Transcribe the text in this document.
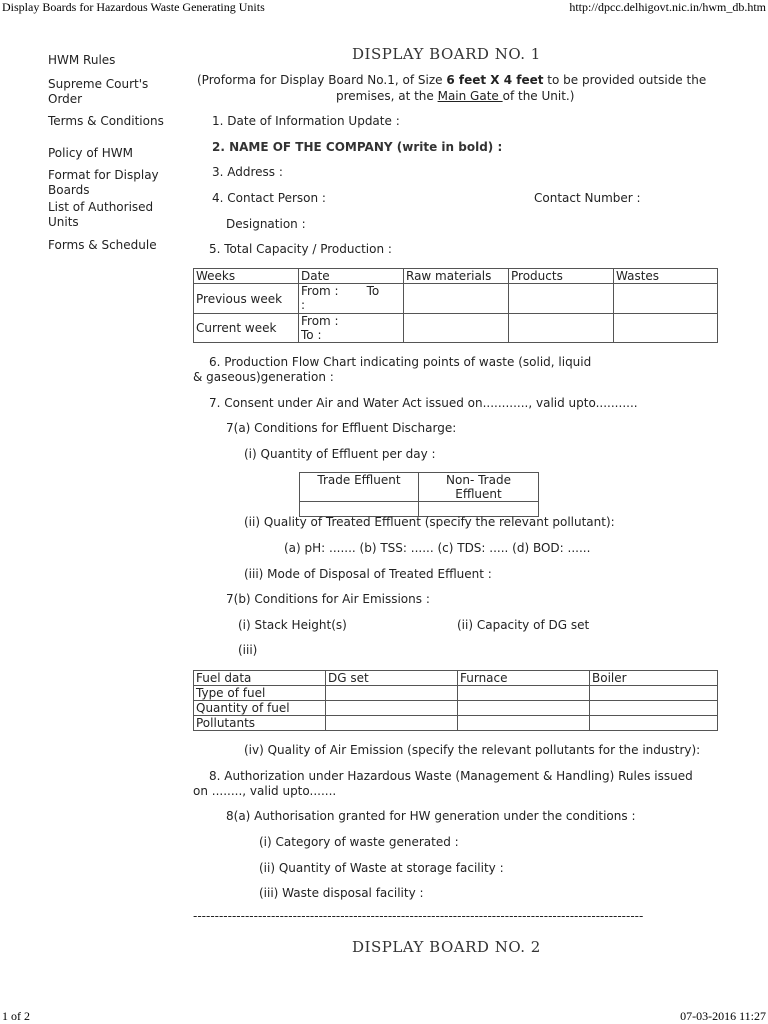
Display Boards for Hazardous Waste Generating Units	http://dpcc.delhigovt.nic.in/hwm_db.htm
HWM Rules
Supreme Court's Order
Terms & Conditions
Policy of HWM
Format for Display Boards
List of Authorised Units
Forms & Schedule
DISPLAY BOARD NO. 1
(Proforma for Display Board No.1, of Size 6 feet X 4 feet to be provided outside the
premises, at the Main Gate of the Unit.)
1. Date of Information Update :
2. NAME OF THE COMPANY (write in bold) :
3. Address :
4. Contact Person :	Contact Number :
Designation :
5. Total Capacity / Production :
Weeks	Date	Raw materials	Products	Wastes
Previous week	From : To
:			
Current week	From :
To :			
6. Production Flow Chart indicating points of waste (solid, liquid
& gaseous)generation :
7. Consent under Air and Water Act issued on............, valid upto...........
7(a) Conditions for Effluent Discharge:
(i) Quantity of Effluent per day :
Trade Effluent	Non- Trade Effluent

(ii) Quality of Treated Effluent (specify the relevant pollutant):
(a) pH: ....... (b) TSS: ...... (c) TDS: ..... (d) BOD: ......
(iii) Mode of Disposal of Treated Effluent :
7(b) Conditions for Air Emissions :
(i) Stack Height(s)	(ii) Capacity of DG set
(iii)
Fuel data	DG set	Furnace	Boiler
Type of fuel			
Quantity of fuel			
Pollutants			
(iv) Quality of Air Emission (specify the relevant pollutants for the industry):
8. Authorization under Hazardous Waste (Management & Handling) Rules issued
on ........, valid upto.......
8(a) Authorisation granted for HW generation under the conditions :
(i) Category of waste generated :
(ii) Quantity of Waste at storage facility :
(iii) Waste disposal facility :
--------------------------------------------------------------------------------------------------------
DISPLAY BOARD NO. 2
1 of 2	07-03-2016 11:27
